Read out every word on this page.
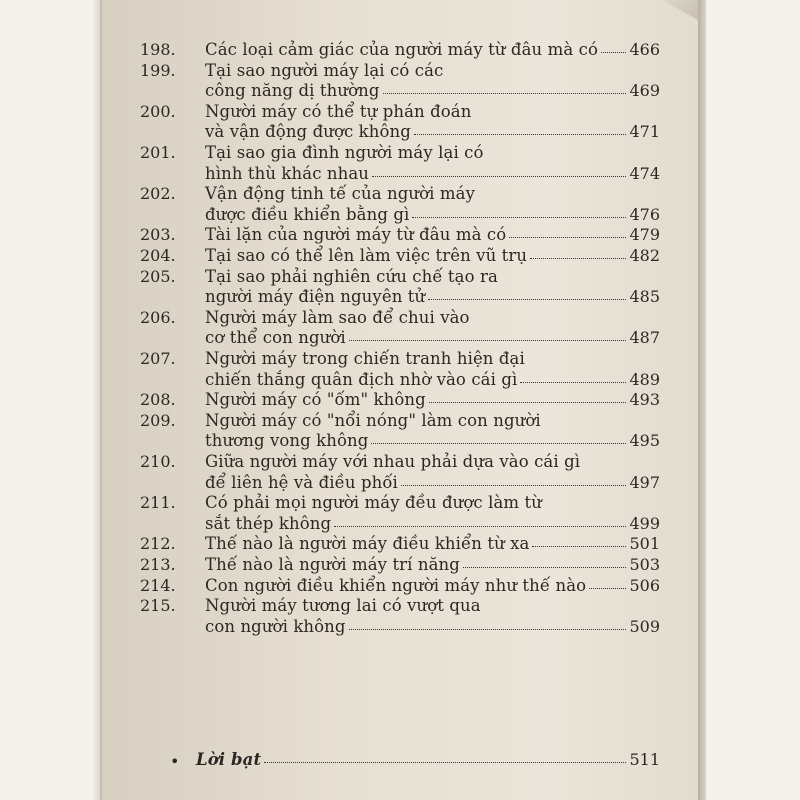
198.	Các loại cảm giác của người máy từ đâu mà có 466
199.	Tại sao người máy lại có các
công năng dị thường	469
200.	Người máy có thể tự phán đoán
và vận động được không	471
201.	Tại sao gia đình người máy lại có
hình thù khác nhau	474
202.	Vận động tinh tế của người máy
được điều khiển bằng gì	476
203.	Tài lặn của người máy từ đâu mà có	479
204.	Tại sao có thể lên làm việc trên vũ trụ	482
205.	Tại sao phải nghiên cứu chế tạo ra
người máy điện nguyên tử	485
206.	Người máy làm sao để chui vào
cơ thể con người	487
207.	Người máy trong chiến tranh hiện đại
chiến thắng quân địch nhờ vào cái gì	489
208.	Người máy có "ốm" không	493
209.	Người máy có "nổi nóng" làm con người
thương vong không	495
210.	Giữa người máy với nhau phải dựa vào cái gì
để liên hệ và điều phối	497
211.	Có phải mọi người máy đều được làm từ
sắt thép không	499
212.	Thế nào là người máy điều khiển từ xa	501
213.	Thế nào là người máy trí năng	503
214.	Con người điều khiển người máy như thế nào	506
215.	Người máy tương lai có vượt qua
con người không	509
• Lời bạt	511
